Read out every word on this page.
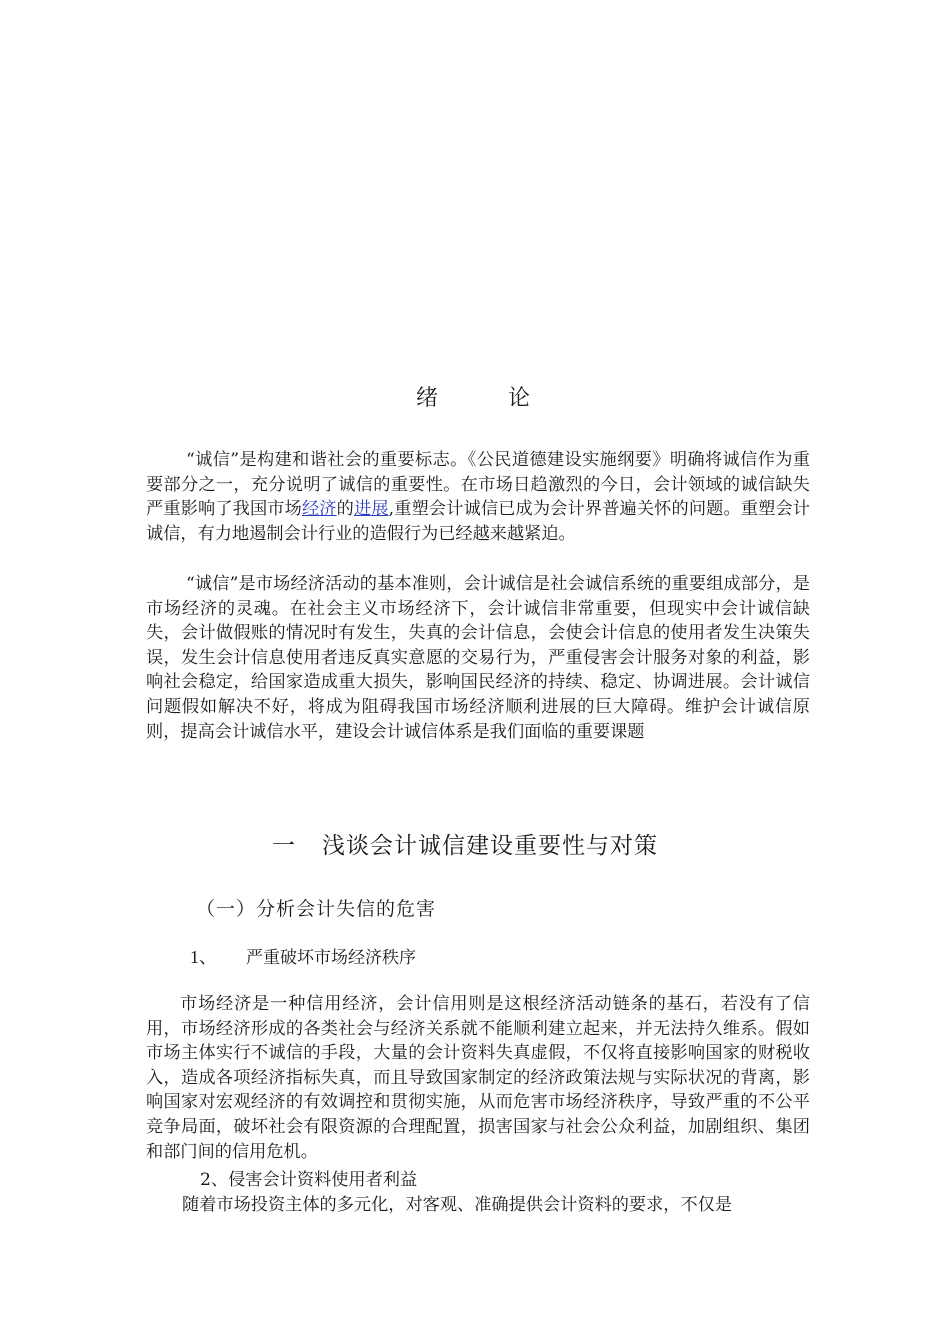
绪	论

“诚信”是构建和谐社会的重要标志。《公民道德建设实施纲要》明确将诚信作为重要部分之一，充分说明了诚信的重要性。在市场日趋激烈的今日，会计领域的诚信缺失严重影响了我国市场经济的进展,重塑会计诚信已成为会计界普遍关怀的问题。重塑会计诚信，有力地遏制会计行业的造假行为已经越来越紧迫。

“诚信”是市场经济活动的基本准则，会计诚信是社会诚信系统的重要组成部分，是市场经济的灵魂。在社会主义市场经济下，会计诚信非常重要，但现实中会计诚信缺失，会计做假账的情况时有发生，失真的会计信息，会使会计信息的使用者发生决策失误，发生会计信息使用者违反真实意愿的交易行为，严重侵害会计服务对象的利益，影响社会稳定，给国家造成重大损失，影响国民经济的持续、稳定、协调进展。会计诚信问题假如解决不好，将成为阻碍我国市场经济顺利进展的巨大障碍。维护会计诚信原则，提高会计诚信水平，建设会计诚信体系是我们面临的重要课题

一 浅谈会计诚信建设重要性与对策
（一）分析会计失信的危害
1、 严重破坏市场经济秩序

市场经济是一种信用经济，会计信用则是这根经济活动链条的基石，若没有了信用，市场经济形成的各类社会与经济关系就不能顺利建立起来，并无法持久维系。假如市场主体实行不诚信的手段，大量的会计资料失真虚假，不仅将直接影响国家的财税收入，造成各项经济指标失真，而且导致国家制定的经济政策法规与实际状况的背离，影响国家对宏观经济的有效调控和贯彻实施，从而危害市场经济秩序，导致严重的不公平竞争局面，破坏社会有限资源的合理配置，损害国家与社会公众利益，加剧组织、集团和部门间的信用危机。

2、侵害会计资料使用者利益
随着市场投资主体的多元化，对客观、准确提供会计资料的要求，不仅是
